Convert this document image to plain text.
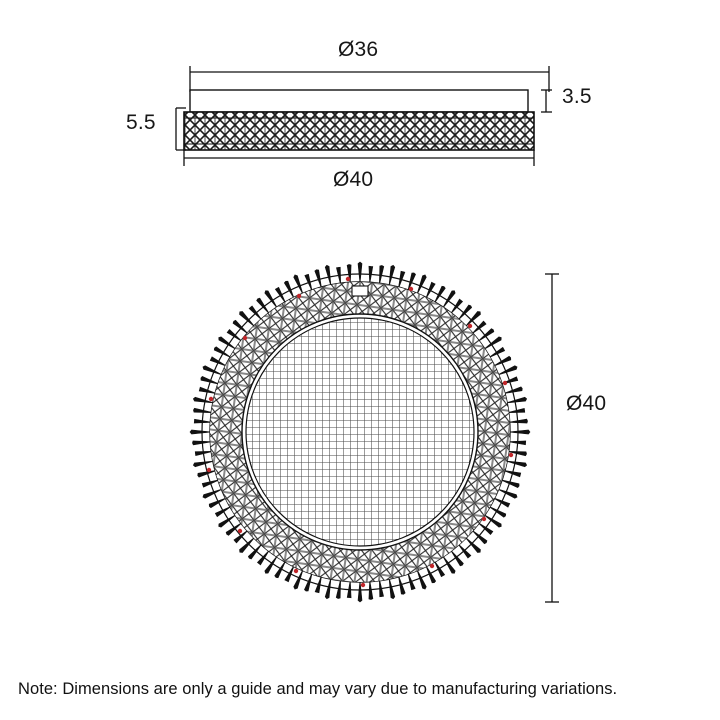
Ø36
3.5
5.5
Ø40
Ø40
Note: Dimensions are only a guide and may vary due to manufacturing variations.
